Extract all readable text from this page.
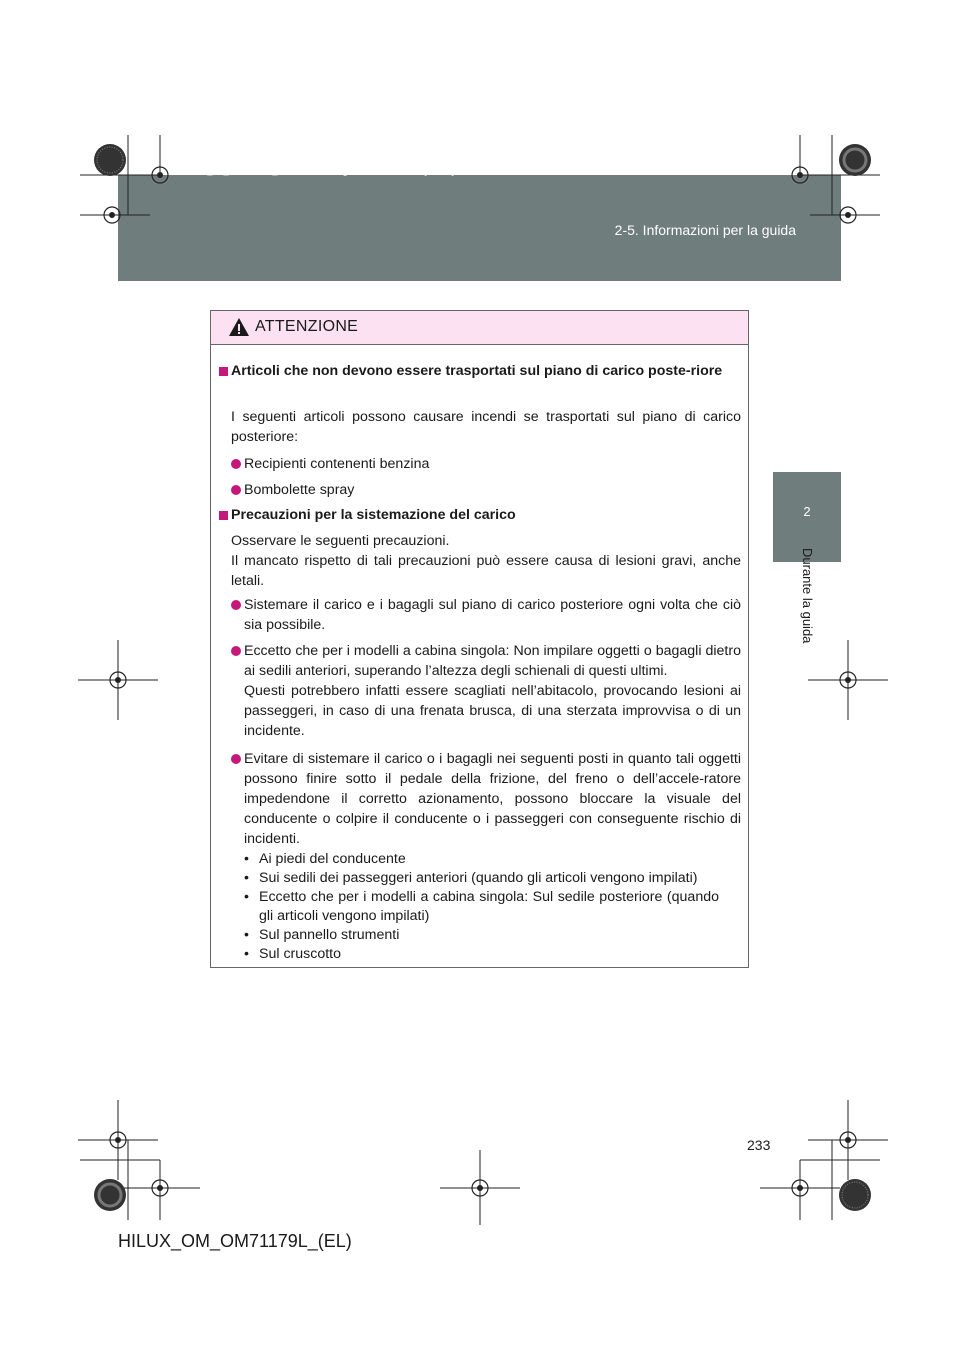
2-5. Informazioni per la guida
HILUX_OM_OM71179L_(EL).book Page 233 Wednesday, May 16, 2012 11:37 AM
2
Durante la guida
ATTENZIONE
Articoli che non devono essere trasportati sul piano di carico poste-riore
I seguenti articoli possono causare incendi se trasportati sul piano di carico posteriore:
Recipienti contenenti benzina
Bombolette spray
Precauzioni per la sistemazione del carico
Osservare le seguenti precauzioni.
Il mancato rispetto di tali precauzioni può essere causa di lesioni gravi, anche letali.
Sistemare il carico e i bagagli sul piano di carico posteriore ogni volta che ciò sia possibile.
Eccetto che per i modelli a cabina singola: Non impilare oggetti o bagagli dietro ai sedili anteriori, superando l’altezza degli schienali di questi ultimi.
Questi potrebbero infatti essere scagliati nell’abitacolo, provocando lesioni ai passeggeri, in caso di una frenata brusca, di una sterzata improvvisa o di un incidente.
Evitare di sistemare il carico o i bagagli nei seguenti posti in quanto tali oggetti possono finire sotto il pedale della frizione, del freno o dell’accele-ratore impedendone il corretto azionamento, possono bloccare la visuale del conducente o colpire il conducente o i passeggeri con conseguente rischio di incidenti.
• Ai piedi del conducente
• Sui sedili dei passeggeri anteriori (quando gli articoli vengono impilati)
• Eccetto che per i modelli a cabina singola: Sul sedile posteriore (quando gli articoli vengono impilati)
• Sul pannello strumenti
• Sul cruscotto
233
HILUX_OM_OM71179L_(EL)
